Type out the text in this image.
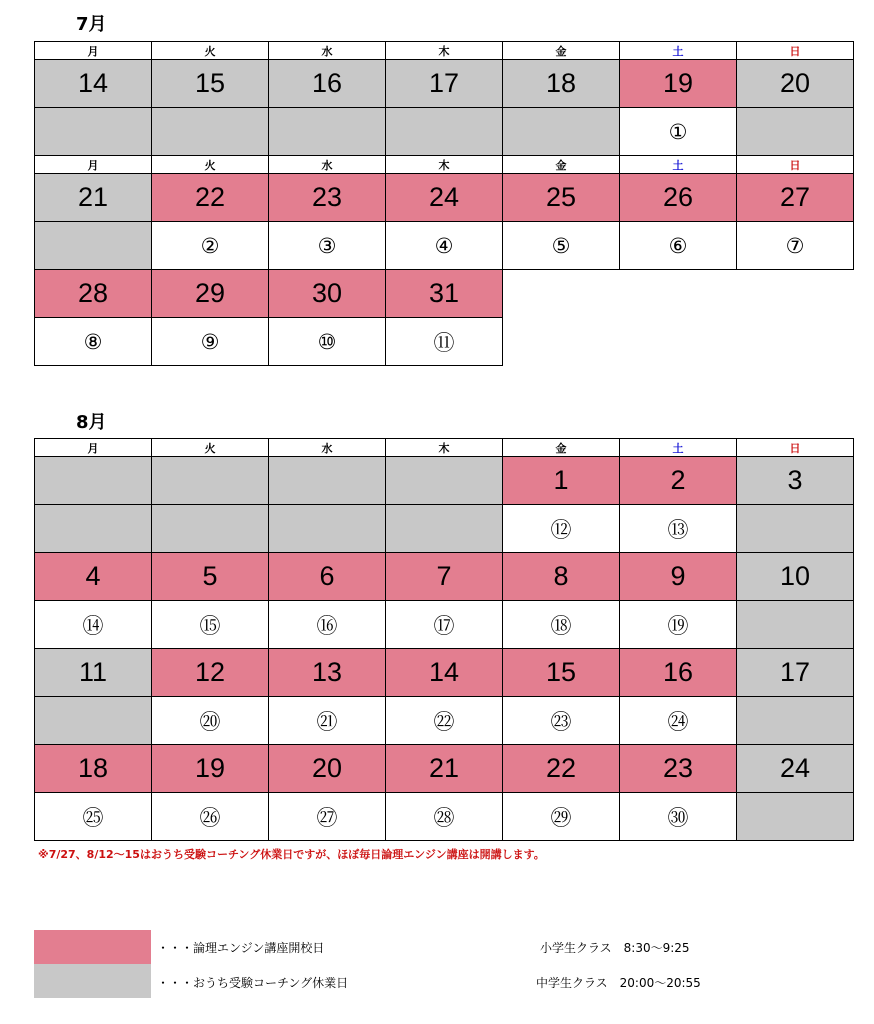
7月
月	火	水	木	金	土	日
14	15	16	17	18	19	20
					①	
月	火	水	木	金	土	日
21	22	23	24	25	26	27
	②	③	④	⑤	⑥	⑦
28	29	30	31			
⑧	⑨	⑩	⑪			
8月
月	火	水	木	金	土	日
				1	2	3
				⑫	⑬	
4	5	6	7	8	9	10
⑭	⑮	⑯	⑰	⑱	⑲	
11	12	13	14	15	16	17
	⑳	㉑	㉒	㉓	㉔	
18	19	20	21	22	23	24
㉕	㉖	㉗	㉘	㉙	㉚	
※7/27、8/12〜15はおうち受験コーチング休業日ですが、ほぼ毎日論理エンジン講座は開講します。
・・・論理エンジン講座開校日	小学生クラス　8:30〜9:25
・・・おうち受験コーチング休業日	中学生クラス　20:00〜20:55
